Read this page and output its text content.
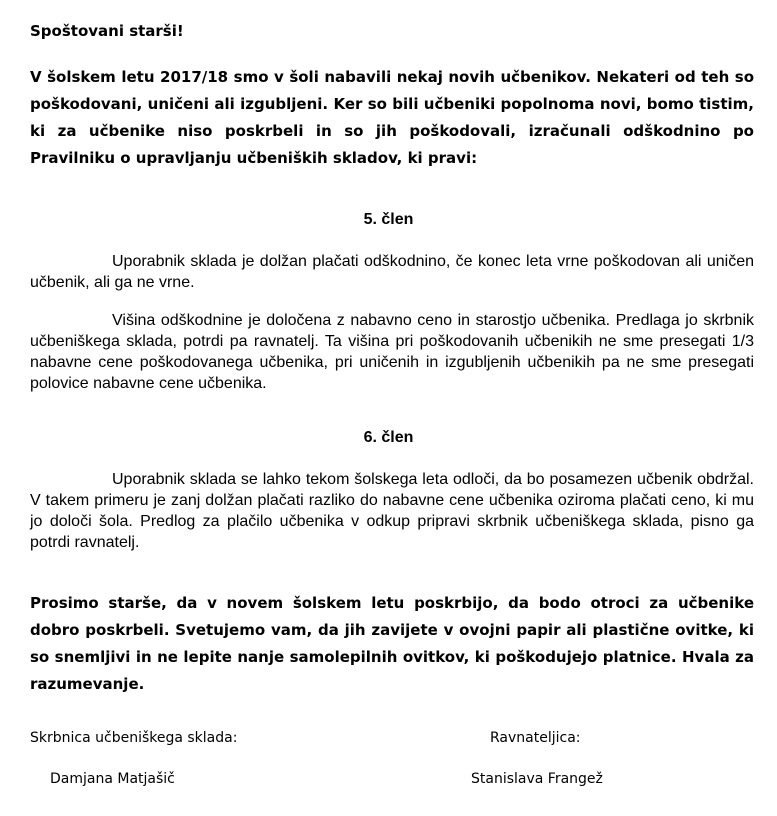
Spoštovani starši!

V šolskem letu 2017/18 smo v šoli nabavili nekaj novih učbenikov. Nekateri od teh so poškodovani, uničeni ali izgubljeni. Ker so bili učbeniki popolnoma novi, bomo tistim, ki za učbenike niso poskrbeli in so jih poškodovali, izračunali odškodnino po Pravilniku o upravljanju učbeniških skladov, ki pravi:

5. člen

Uporabnik sklada je dolžan plačati odškodnino, če konec leta vrne poškodovan ali uničen učbenik, ali ga ne vrne.

Višina odškodnine je določena z nabavno ceno in starostjo učbenika. Predlaga jo skrbnik učbeniškega sklada, potrdi pa ravnatelj. Ta višina pri poškodovanih učbenikih ne sme presegati 1/3 nabavne cene poškodovanega učbenika, pri uničenih in izgubljenih učbenikih pa ne sme presegati polovice nabavne cene učbenika.

6. člen

Uporabnik sklada se lahko tekom šolskega leta odloči, da bo posamezen učbenik obdržal. V takem primeru je zanj dolžan plačati razliko do nabavne cene učbenika oziroma plačati ceno, ki mu jo določi šola. Predlog za plačilo učbenika v odkup pripravi skrbnik učbeniškega sklada, pisno ga potrdi ravnatelj.

Prosimo starše, da v novem šolskem letu poskrbijo, da bodo otroci za učbenike dobro poskrbeli. Svetujemo vam, da jih zavijete v ovojni papir ali plastične ovitke, ki so snemljivi in ne lepite nanje samolepilnih ovitkov, ki poškodujejo platnice. Hvala za razumevanje.

Skrbnica učbeniškega sklada:	Ravnateljica:

Damjana Matjašič	Stanislava Frangež
